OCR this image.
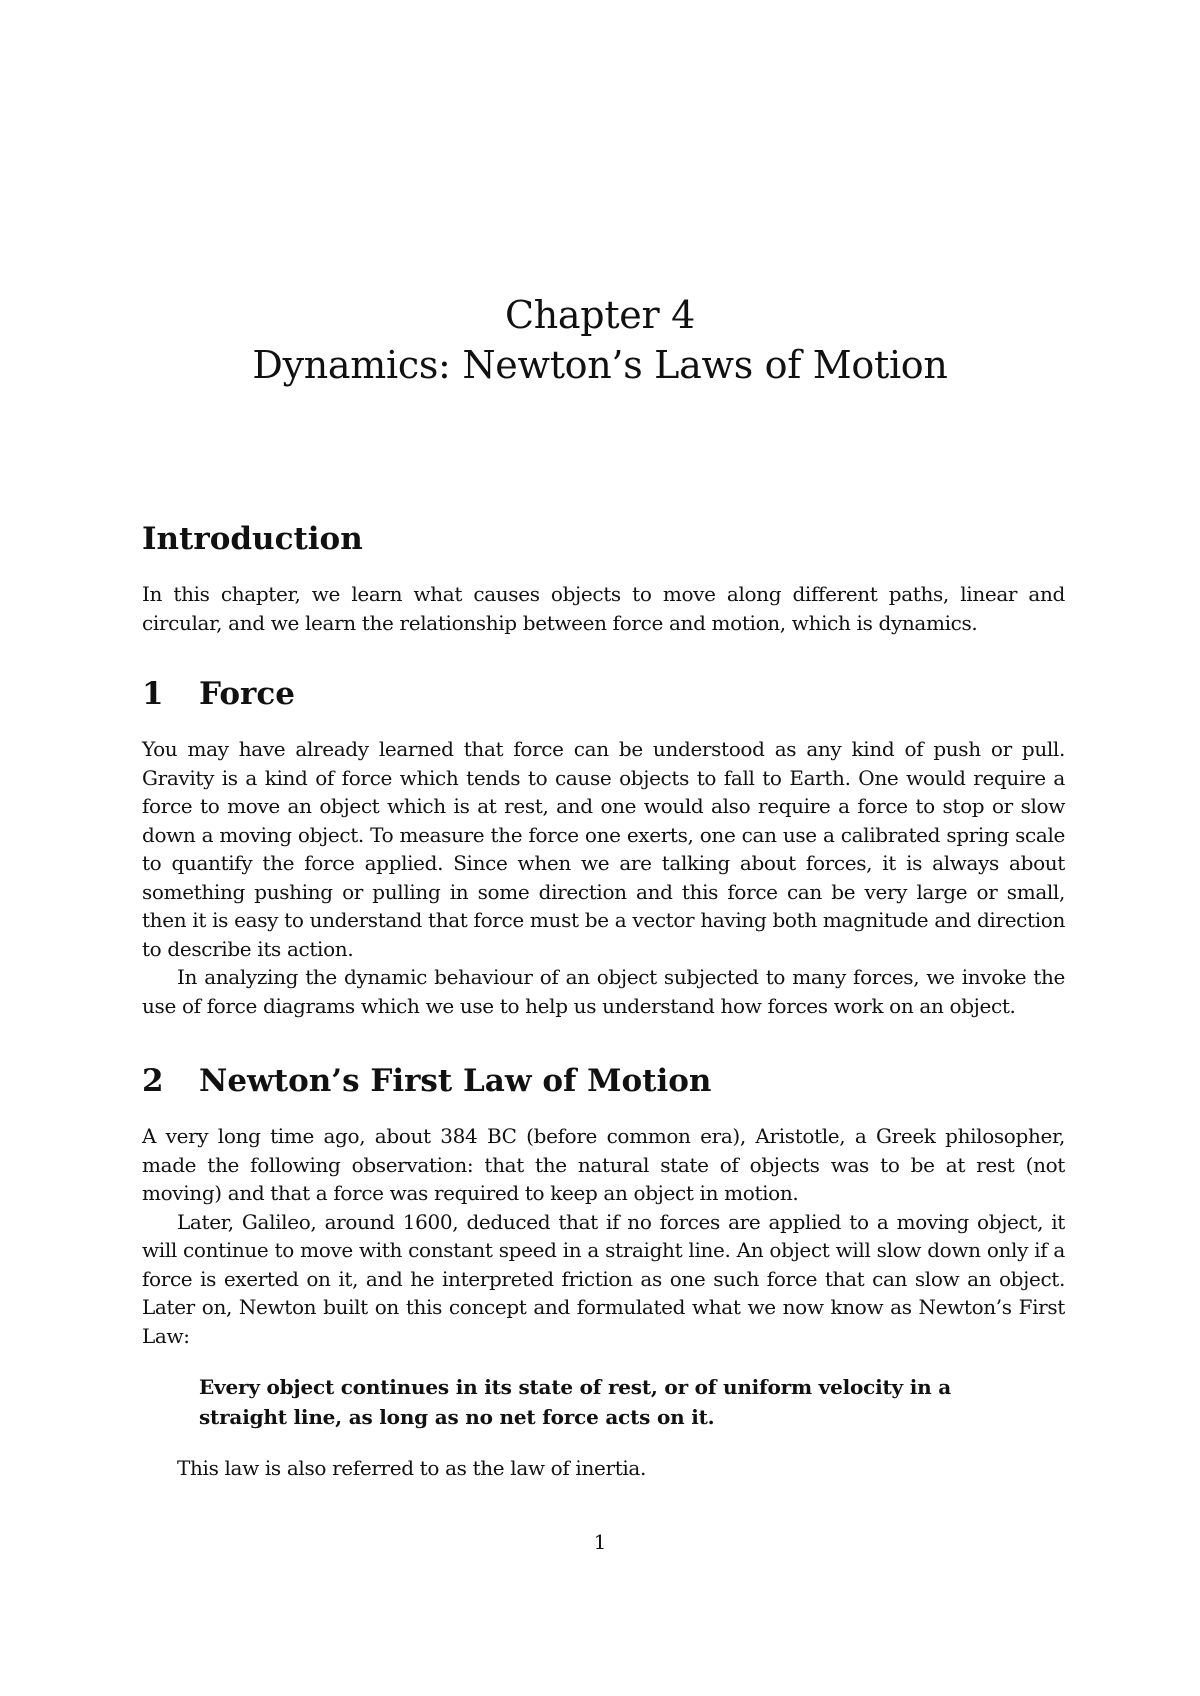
Chapter 4
Dynamics: Newton’s Laws of Motion
Introduction

In this chapter, we learn what causes objects to move along different paths, linear and circular, and we learn the relationship between force and motion, which is dynamics.

1	Force

You may have already learned that force can be understood as any kind of push or pull. Gravity is a kind of force which tends to cause objects to fall to Earth. One would require a force to move an object which is at rest, and one would also require a force to stop or slow down a moving object. To measure the force one exerts, one can use a calibrated spring scale to quantify the force applied. Since when we are talking about forces, it is always about something pushing or pulling in some direction and this force can be very large or small, then it is easy to understand that force must be a vector having both magnitude and direction to describe its action.

In analyzing the dynamic behaviour of an object subjected to many forces, we invoke the use of force diagrams which we use to help us understand how forces work on an object.

2	Newton’s First Law of Motion

A very long time ago, about 384 BC (before common era), Aristotle, a Greek philosopher, made the following observation: that the natural state of objects was to be at rest (not moving) and that a force was required to keep an object in motion.

Later, Galileo, around 1600, deduced that if no forces are applied to a moving object, it will continue to move with constant speed in a straight line. An object will slow down only if a force is exerted on it, and he interpreted friction as one such force that can slow an object. Later on, Newton built on this concept and formulated what we now know as Newton’s First Law:

Every object continues in its state of rest, or of uniform velocity in a straight line, as long as no net force acts on it.

This law is also referred to as the law of inertia.

1
